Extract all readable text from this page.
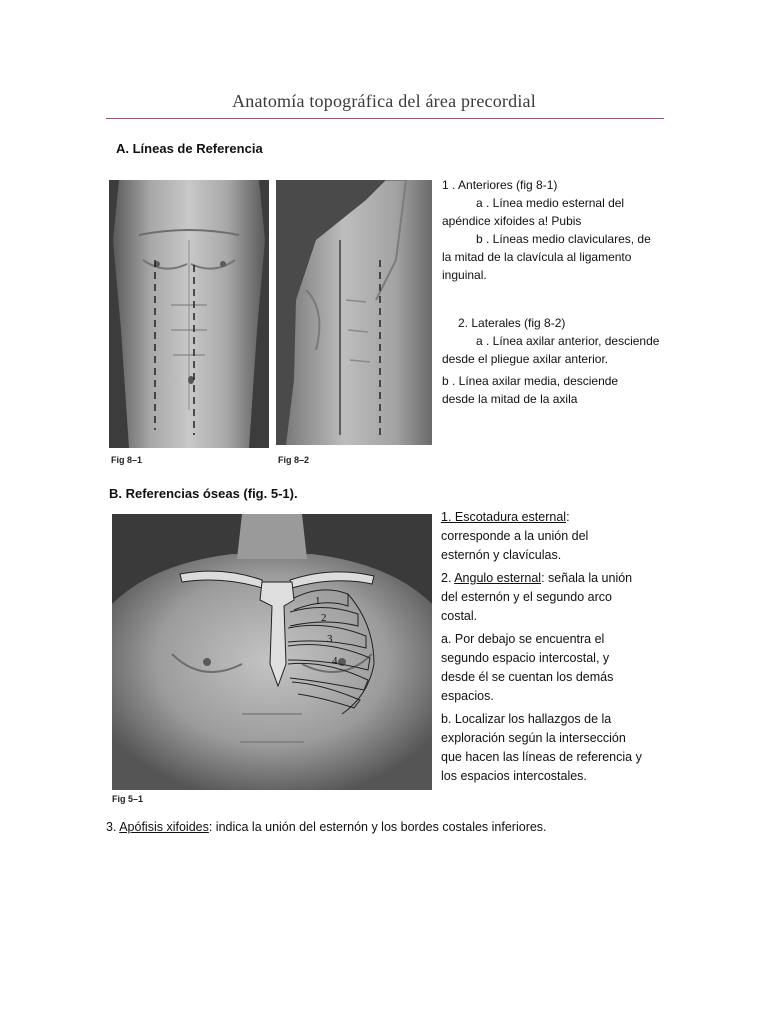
Anatomía topográfica del área precordial
A. Líneas de Referencia
Fig 8–1	Fig 8–2

1 . Anteriores (fig 8-1)

a . Línea medio esternal del

apéndice xifoides a! Pubis

b . Líneas medio claviculares, de

la mitad de la clavícula al ligamento

inguinal.

2. Laterales (fig 8-2)

a . Línea axilar anterior, desciende

desde el pliegue axilar anterior.

b . Línea axilar media, desciende

desde la mitad de la axila

B. Referencias óseas (fig. 5-1).
1
2
3
4
Fig 5–1

1. Escotadura esternal:

corresponde a la unión del

esternón y clavículas.

2. Angulo esternal: señala la unión

del esternón y el segundo arco

costal.

a. Por debajo se encuentra el

segundo espacio intercostal, y

desde él se cuentan los demás

espacios.

b. Localizar los hallazgos de la

exploración según la intersección

que hacen las líneas de referencia y

los espacios intercostales.

3. Apófisis xifoides: indica la unión del esternón y los bordes costales inferiores.
